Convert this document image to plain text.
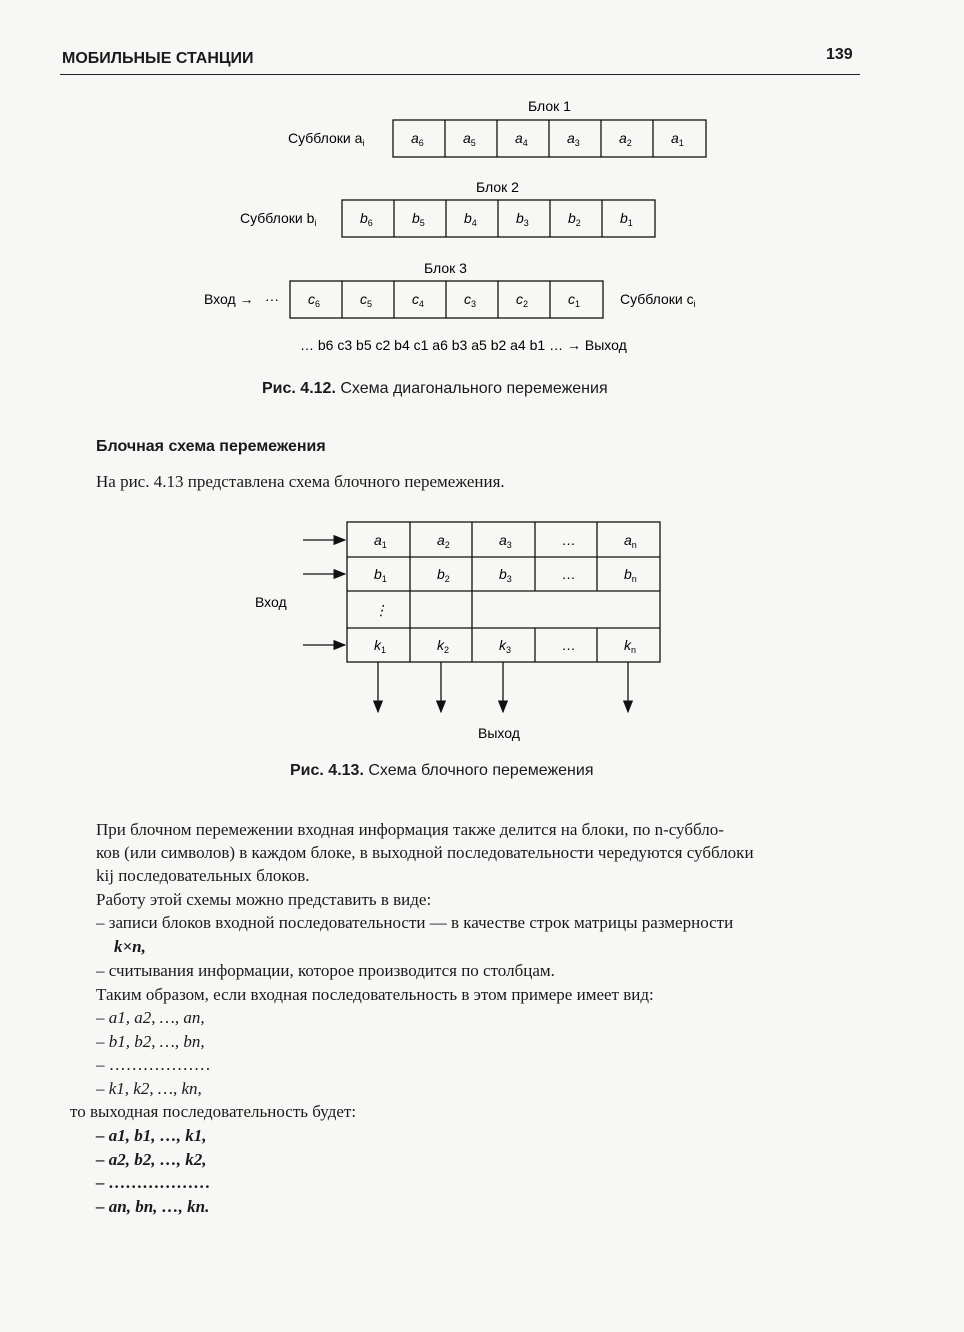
МОБИЛЬНЫЕ СТАНЦИИ	139
Блок 1
Блок 2
Блок 3
Субблоки $a_i$
Субблоки $b_i$
Субблоки $c_i$
Вход → ···
$a_6$	$a_5$	$a_4$	$a_3$	$a_2$	$a_1$
$b_6$	$b_5$	$b_4$	$b_3$	$b_2$	$b_1$
$c_6$	$c_5$	$c_4$	$c_3$	$c_2$	$c_1$
… b6 c3 b5 c2 b4 c1 a6 b3 a5 b2 a4 b1 … → Выход
Рис. 4.12. Схема диагонального перемежения
Блочная схема перемежения
На рис. 4.13 представлена схема блочного перемежения.
Вход
Выход
$a_1$	$a_2$	$a_3$	…	$a_n$
$b_1$	$b_2$	$b_3$	…	$b_n$
⋮
$k_1$	$k_2$	$k_3$	…	$k_n$
Рис. 4.13. Схема блочного перемежения
При блочном перемежении входная информация также делится на блоки, по n-суббло-
ков (или символов) в каждом блоке, в выходной последовательности чередуются субблоки
kij последовательных блоков.
Работу этой схемы можно представить в виде:
– записи блоков входной последовательности — в качестве строк матрицы размерности
k×n,
– считывания информации, которое производится по столбцам.
Таким образом, если входная последовательность в этом примере имеет вид:
– a1, a2, …, an,
– b1, b2, …, bn,
– ………………
– k1, k2, …, kn,
то выходная последовательность будет:
– a1, b1, …, k1,
– a2, b2, …, k2,
– ………………
– an, bn, …, kn.
